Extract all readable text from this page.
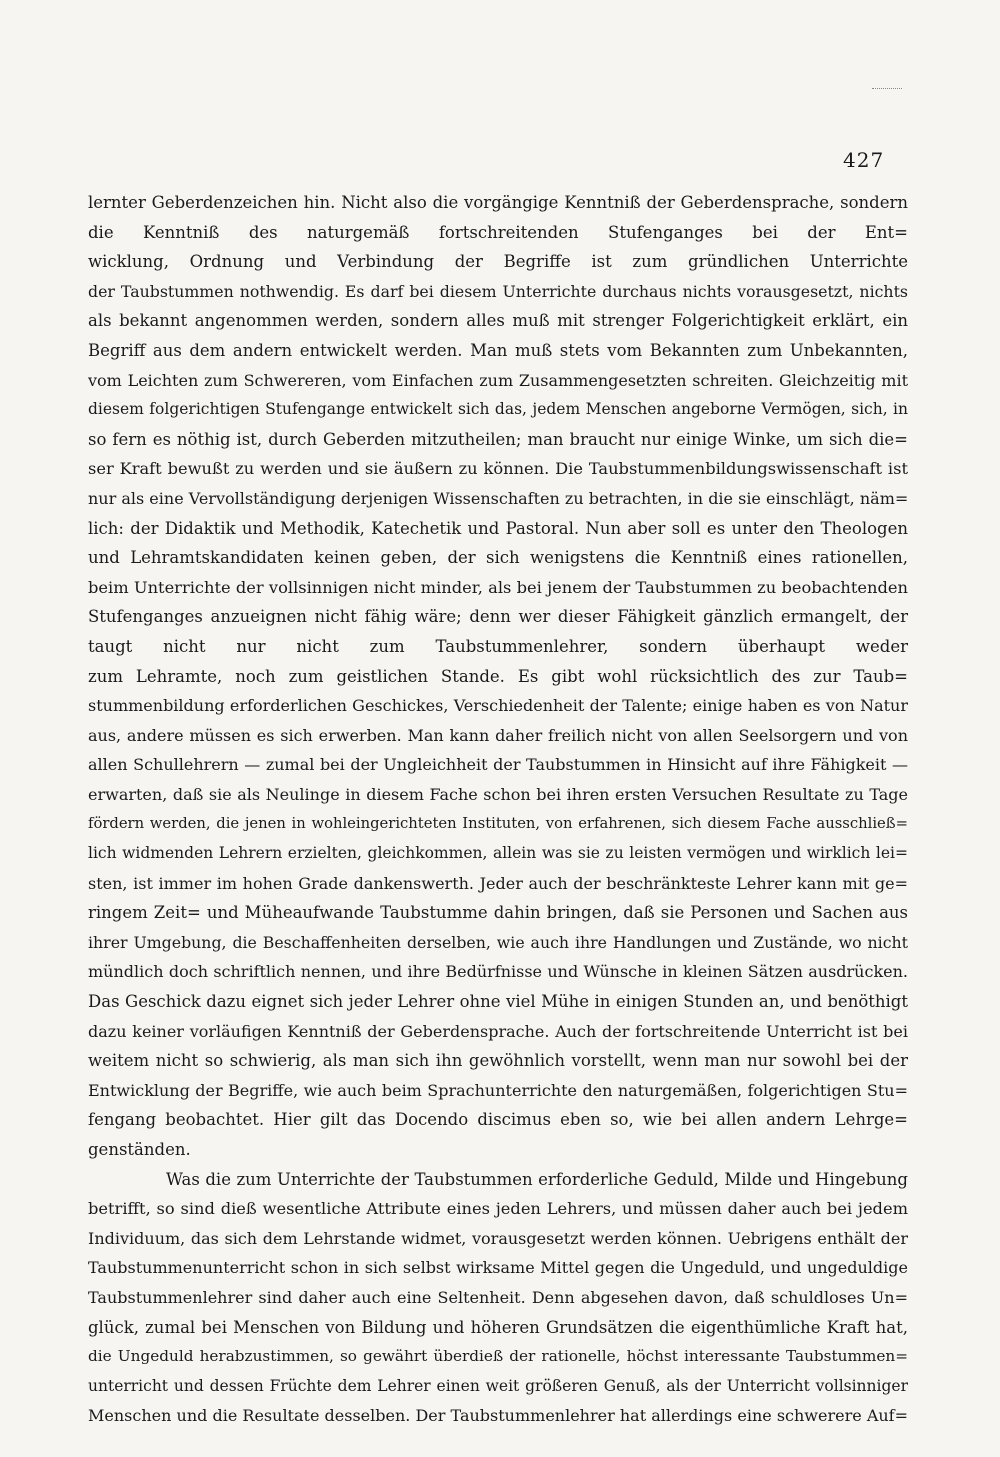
427
lernter Geberdenzeichen hin. Nicht also die vorgängige Kenntniß der Geberdensprache, sondern
die Kenntniß des naturgemäß fortschreitenden Stufenganges bei der Ent=
wicklung, Ordnung und Verbindung der Begriffe ist zum gründlichen Unterrichte
der Taubstummen nothwendig. Es darf bei diesem Unterrichte durchaus nichts vorausgesetzt, nichts
als bekannt angenommen werden, sondern alles muß mit strenger Folgerichtigkeit erklärt, ein
Begriff aus dem andern entwickelt werden. Man muß stets vom Bekannten zum Unbekannten,
vom Leichten zum Schwereren, vom Einfachen zum Zusammengesetzten schreiten. Gleichzeitig mit
diesem folgerichtigen Stufengange entwickelt sich das, jedem Menschen angeborne Vermögen, sich, in
so fern es nöthig ist, durch Geberden mitzutheilen; man braucht nur einige Winke, um sich die=
ser Kraft bewußt zu werden und sie äußern zu können. Die Taubstummenbildungswissenschaft ist
nur als eine Vervollständigung derjenigen Wissenschaften zu betrachten, in die sie einschlägt, näm=
lich: der Didaktik und Methodik, Katechetik und Pastoral. Nun aber soll es unter den Theologen
und Lehramtskandidaten keinen geben, der sich wenigstens die Kenntniß eines rationellen,
beim Unterrichte der vollsinnigen nicht minder, als bei jenem der Taubstummen zu beobachtenden
Stufenganges anzueignen nicht fähig wäre; denn wer dieser Fähigkeit gänzlich ermangelt, der
taugt nicht nur nicht zum Taubstummenlehrer, sondern überhaupt weder
zum Lehramte, noch zum geistlichen Stande. Es gibt wohl rücksichtlich des zur Taub=
stummenbildung erforderlichen Geschickes, Verschiedenheit der Talente; einige haben es von Natur
aus, andere müssen es sich erwerben. Man kann daher freilich nicht von allen Seelsorgern und von
allen Schullehrern — zumal bei der Ungleichheit der Taubstummen in Hinsicht auf ihre Fähigkeit —
erwarten, daß sie als Neulinge in diesem Fache schon bei ihren ersten Versuchen Resultate zu Tage
fördern werden, die jenen in wohleingerichteten Instituten, von erfahrenen, sich diesem Fache ausschließ=
lich widmenden Lehrern erzielten, gleichkommen, allein was sie zu leisten vermögen und wirklich lei=
sten, ist immer im hohen Grade dankenswerth. Jeder auch der beschränkteste Lehrer kann mit ge=
ringem Zeit= und Müheaufwande Taubstumme dahin bringen, daß sie Personen und Sachen aus
ihrer Umgebung, die Beschaffenheiten derselben, wie auch ihre Handlungen und Zustände, wo nicht
mündlich doch schriftlich nennen, und ihre Bedürfnisse und Wünsche in kleinen Sätzen ausdrücken.
Das Geschick dazu eignet sich jeder Lehrer ohne viel Mühe in einigen Stunden an, und benöthigt
dazu keiner vorläufigen Kenntniß der Geberdensprache. Auch der fortschreitende Unterricht ist bei
weitem nicht so schwierig, als man sich ihn gewöhnlich vorstellt, wenn man nur sowohl bei der
Entwicklung der Begriffe, wie auch beim Sprachunterrichte den naturgemäßen, folgerichtigen Stu=
fengang beobachtet. Hier gilt das Docendo discimus eben so, wie bei allen andern Lehrge=
genständen.
Was die zum Unterrichte der Taubstummen erforderliche Geduld, Milde und Hingebung
betrifft, so sind dieß wesentliche Attribute eines jeden Lehrers, und müssen daher auch bei jedem
Individuum, das sich dem Lehrstande widmet, vorausgesetzt werden können. Uebrigens enthält der
Taubstummenunterricht schon in sich selbst wirksame Mittel gegen die Ungeduld, und ungeduldige
Taubstummenlehrer sind daher auch eine Seltenheit. Denn abgesehen davon, daß schuldloses Un=
glück, zumal bei Menschen von Bildung und höheren Grundsätzen die eigenthümliche Kraft hat,
die Ungeduld herabzustimmen, so gewährt überdieß der rationelle, höchst interessante Taubstummen=
unterricht und dessen Früchte dem Lehrer einen weit größeren Genuß, als der Unterricht vollsinniger
Menschen und die Resultate desselben. Der Taubstummenlehrer hat allerdings eine schwerere Auf=
